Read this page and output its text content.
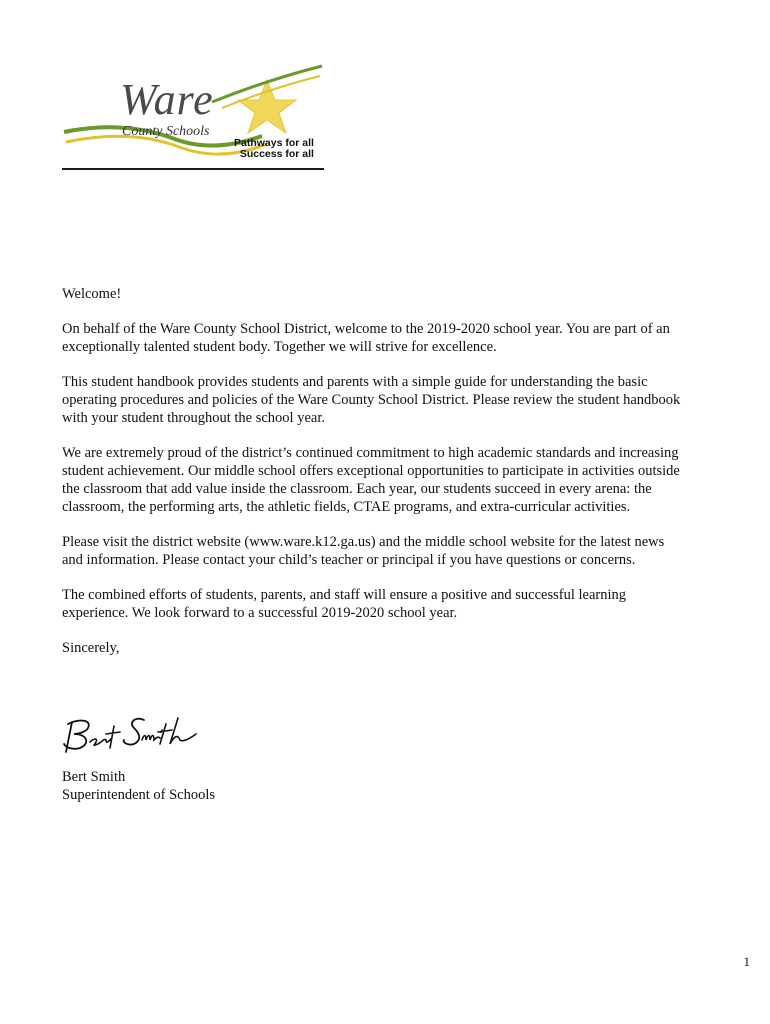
Ware
County Schools
Pathways for all
Success for all

Welcome!

On behalf of the Ware County School District, welcome to the 2019-2020 school year. You are part of an exceptionally talented student body. Together we will strive for excellence.

This student handbook provides students and parents with a simple guide for understanding the basic operating procedures and policies of the Ware County School District. Please review the student handbook with your student throughout the school year.

We are extremely proud of the district’s continued commitment to high academic standards and increasing student achievement. Our middle school offers exceptional opportunities to participate in activities outside the classroom that add value inside the classroom. Each year, our students succeed in every arena: the classroom, the performing arts, the athletic fields, CTAE programs, and extra-curricular activities.

Please visit the district website (www.ware.k12.ga.us) and the middle school website for the latest news and information. Please contact your child’s teacher or principal if you have questions or concerns.

The combined efforts of students, parents, and staff will ensure a positive and successful learning experience. We look forward to a successful 2019-2020 school year.

Sincerely,

Bert Smith
Superintendent of Schools
1
